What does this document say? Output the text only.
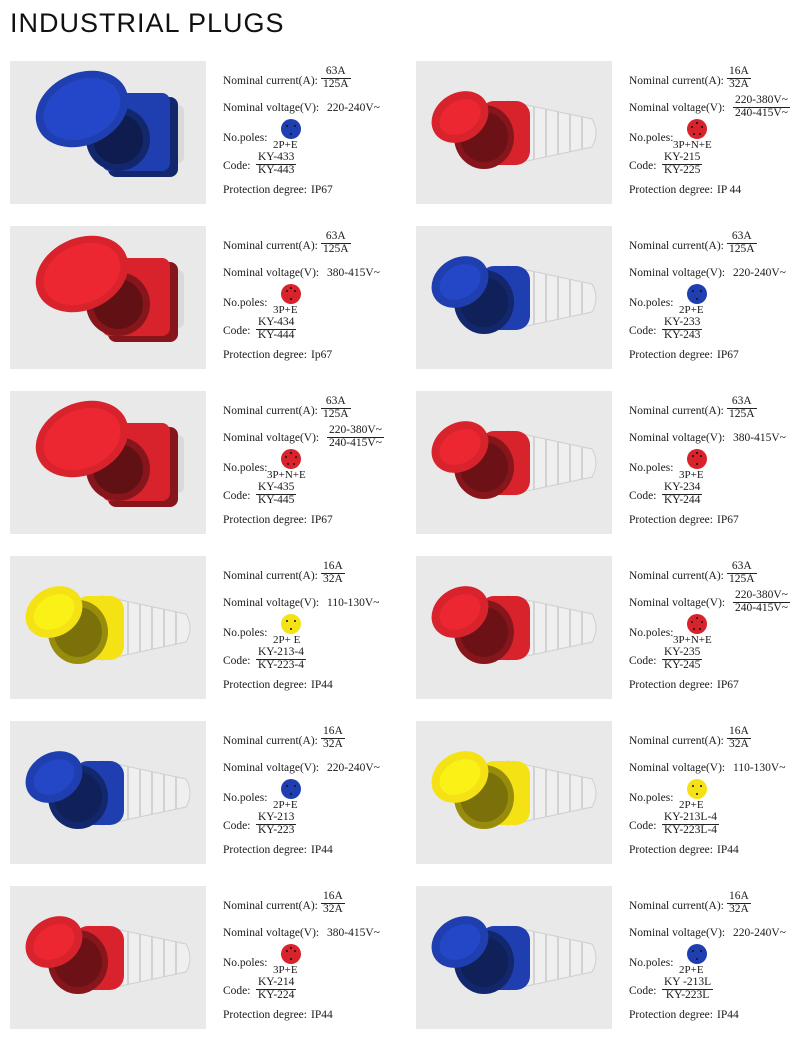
INDUSTRIAL PLUGS
Nominal current(A): $\frac{63A}{125A}$
Nominal voltage(V): 220-240V~
No.poles:
2P+E
Code: $\frac{KY-433}{KY-443}$
Protection degree: IP67
Nominal current(A): $\frac{16A}{32A}$
Nominal voltage(V): $\frac{220-380V\sim}{240-415V\sim}$
No.poles:
3P+N+E
Code: $\frac{KY-215}{KY-225}$
Protection degree: IP 44
Nominal current(A): $\frac{63A}{125A}$
Nominal voltage(V): 380-415V~
No.poles:
3P+E
Code: $\frac{KY-434}{KY-444}$
Protection degree: Ip67
Nominal current(A): $\frac{63A}{125A}$
Nominal voltage(V): 220-240V~
No.poles:
2P+E
Code: $\frac{KY-233}{KY-243}$
Protection degree: IP67
Nominal current(A): $\frac{63A}{125A}$
Nominal voltage(V): $\frac{220-380V\sim}{240-415V\sim}$
No.poles:
3P+N+E
Code: $\frac{KY-435}{KY-445}$
Protection degree: IP67
Nominal current(A): $\frac{63A}{125A}$
Nominal voltage(V): 380-415V~
No.poles:
3P+E
Code: $\frac{KY-234}{KY-244}$
Protection degree: IP67
Nominal current(A): $\frac{16A}{32A}$
Nominal voltage(V): 110-130V~
No.poles:
2P+ E
Code: $\frac{KY-213-4}{KY-223-4}$
Protection degree: IP44
Nominal current(A): $\frac{63A}{125A}$
Nominal voltage(V): $\frac{220-380V\sim}{240-415V\sim}$
No.poles:
3P+N+E
Code: $\frac{KY-235}{KY-245}$
Protection degree: IP67
Nominal current(A): $\frac{16A}{32A}$
Nominal voltage(V): 220-240V~
No.poles:
2P+E
Code: $\frac{KY-213}{KY-223}$
Protection degree: IP44
Nominal current(A): $\frac{16A}{32A}$
Nominal voltage(V): 110-130V~
No.poles:
2P+E
Code: $\frac{KY-213L-4}{KY-223L-4}$
Protection degree: IP44
Nominal current(A): $\frac{16A}{32A}$
Nominal voltage(V): 380-415V~
No.poles:
3P+E
Code: $\frac{KY-214}{KY-224}$
Protection degree: IP44
Nominal current(A): $\frac{16A}{32A}$
Nominal voltage(V): 220-240V~
No.poles:
2P+E
Code: $\frac{KY -213L}{KY-223L}$
Protection degree: IP44
